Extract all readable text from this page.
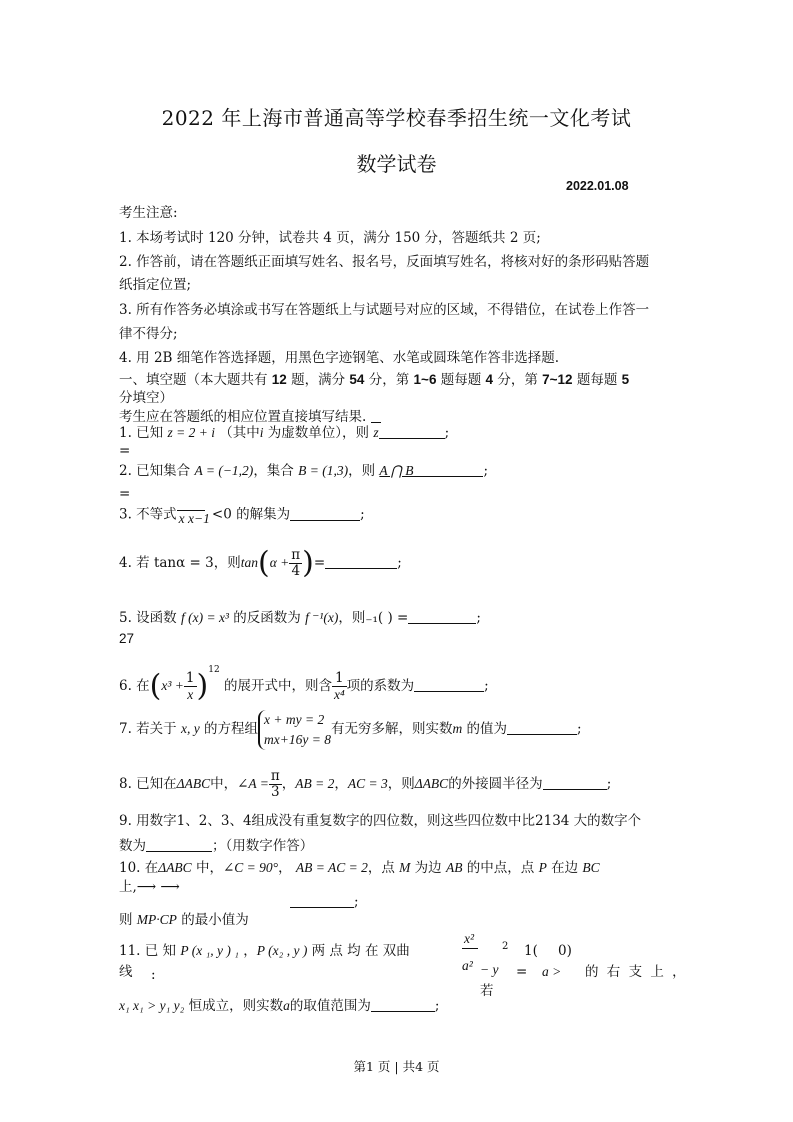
2022 年上海市普通高等学校春季招生统一文化考试
数学试卷
2022.01.08
考生注意:
1. 本场考试时 120 分钟，试卷共 4 页，满分 150 分，答题纸共 2 页;
2. 作答前，请在答题纸正面填写姓名、报名号，反面填写姓名，将核对好的条形码贴答题
纸指定位置;
3. 所有作答务必填涂或书写在答题纸上与试题号对应的区域，不得错位，在试卷上作答一
律不得分;
4. 用 2B 细笔作答选择题，用黑色字迹钢笔、水笔或圆珠笔作答非选择题.
一、填空题（本大题共有 12 题，满分 54 分，第 1~6 题每题 4 分，第 7~12 题每题 5
分填空）
考生应在答题纸的相应位置直接填写结果.
1. 已知 z = 2 + i （其中i 为虚数单位），则 z	;
=
2. 已知集合 A = (−1,2)，集合 B = (1,3)，则 A ⋂ B	;
=
3. 不等式 x x−1 <0 的解集为	;
4. 若 tanα = 3，则$\tan(\alpha + \frac{\pi}{4}$ )=	;
5. 设函数 f (x) = x³ 的反函数为 f ⁻¹(x)，则₋₁( ) =	;
27
6. 在$(x^3 + \frac{1}{x} )^{12}$ 的展开式中，则含 $\frac{1}{\text{x⁴}}$ 项的系数为	;
7. 若关于 x, y 的方程组
x + my = 2
mx+16y = 8
有无穷多解，则实数m 的值为	;
8. 已知在ΔABC中，∠A = $\frac{\pi}{3}$ ，AB = 2，AC = 3，则ΔABC的外接圆半径为	;
9. 用数字1、2、3、4组成没有重复数字的四位数，则这些四位数中比2134 大的数字个
数为	；（用数字作答）
10. 在ΔABC 中，∠C = 90°， AB = AC = 2，点 M 为边 AB 的中点，点 P 在边 BC
上,⟶ ⟶
;
则 MP·CP 的最小值为
11. 已 知 P (x ₁, y ) ₁ ，P (x₂ , y ) 两 点 均 在 双曲
x²
a² − y
2 1( 0)
= a > 的 右 支 上 ，
线 :
若
x₁ x₁ > y₁ y₂ 恒成立，则实数a的取值范围为	;
第1 页 | 共4 页
